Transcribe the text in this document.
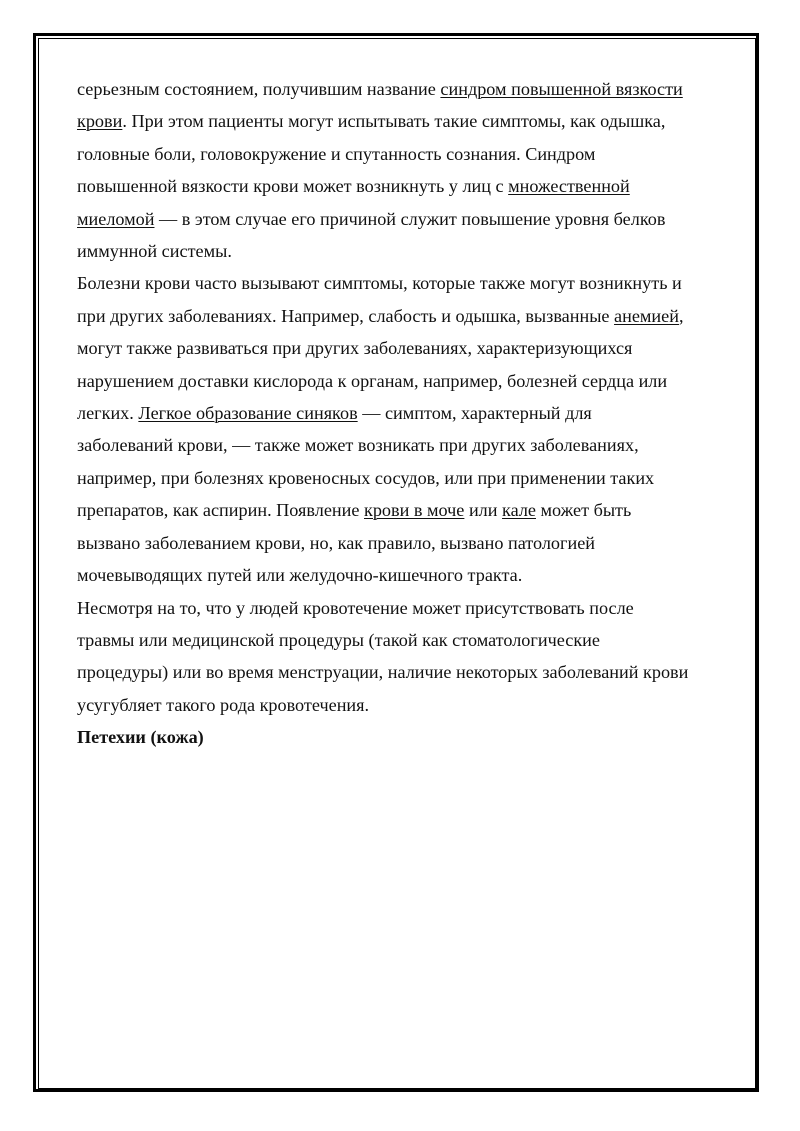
серьезным состоянием, получившим название синдром повышенной вязкости

крови. При этом пациенты могут испытывать такие симптомы, как одышка,

головные боли, головокружение и спутанность сознания. Синдром

повышенной вязкости крови может возникнуть у лиц с множественной

миеломой — в этом случае его причиной служит повышение уровня белков

иммунной системы.

Болезни крови часто вызывают симптомы, которые также могут возникнуть и

при других заболеваниях. Например, слабость и одышка, вызванные анемией,

могут также развиваться при других заболеваниях, характеризующихся

нарушением доставки кислорода к органам, например, болезней сердца или

легких. Легкое образование синяков — симптом, характерный для

заболеваний крови, — также может возникать при других заболеваниях,

например, при болезнях кровеносных сосудов, или при применении таких

препаратов, как аспирин. Появление крови в моче или кале может быть

вызвано заболеванием крови, но, как правило, вызвано патологией

мочевыводящих путей или желудочно-кишечного тракта.

Несмотря на то, что у людей кровотечение может присутствовать после

травмы или медицинской процедуры (такой как стоматологические

процедуры) или во время менструации, наличие некоторых заболеваний крови

усугубляет такого рода кровотечения.

Петехии (кожа)
